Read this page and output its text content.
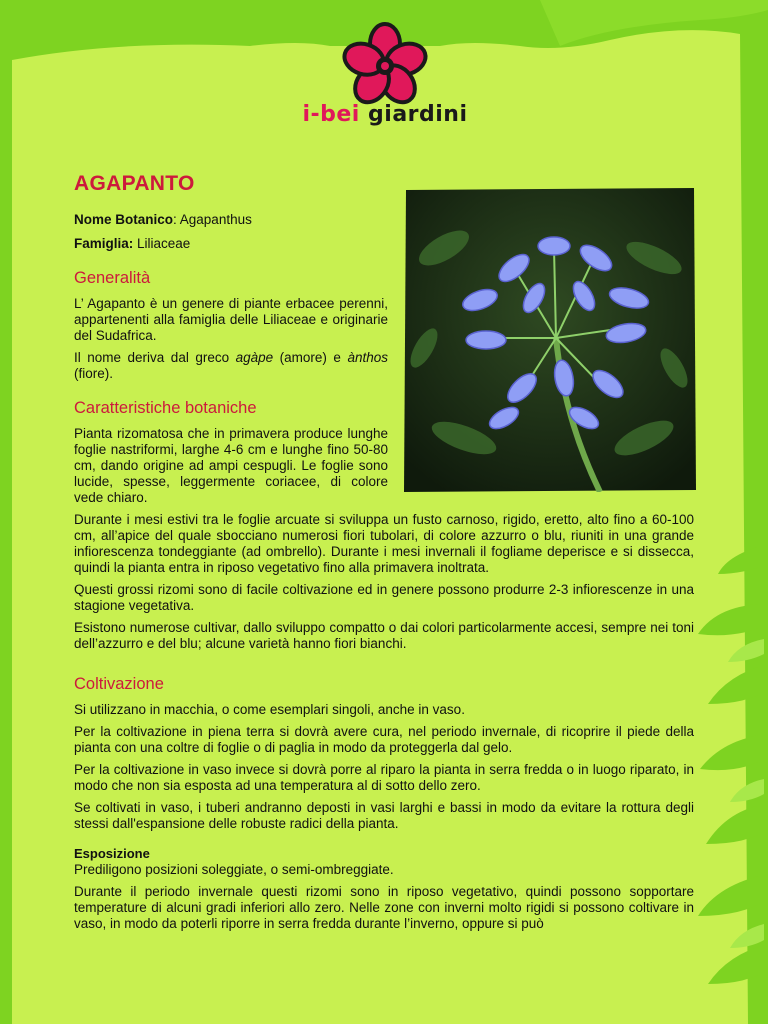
i-bei giardini
AGAPANTO
Nome Botanico: Agapanthus
Famiglia: Liliaceae
Generalità

L’ Agapanto è un genere di piante erbacee perenni, appartenenti alla famiglia delle Liliaceae e originarie del Sudafrica.

Il nome deriva dal greco agàpe (amore) e ànthos (fiore).

Caratteristiche botaniche

Pianta rizomatosa che in primavera produce lunghe foglie nastriformi, larghe 4-6 cm e lunghe fino 50-80 cm, dando origine ad ampi cespugli. Le foglie sono lucide, spesse, leggermente coriacee, di colore vede chiaro.

Durante i mesi estivi tra le foglie arcuate si sviluppa un fusto carnoso, rigido, eretto, alto fino a 60-100 cm, all’apice del quale sbocciano numerosi fiori tubolari, di colore azzurro o blu, riuniti in una grande infiorescenza tondeggiante (ad ombrello). Durante i mesi invernali il fogliame deperisce e si dissecca, quindi la pianta entra in riposo vegetativo fino alla primavera inoltrata.

Questi grossi rizomi sono di facile coltivazione ed in genere possono produrre 2-3 infiorescenze in una stagione vegetativa.

Esistono numerose cultivar, dallo sviluppo compatto o dai colori particolarmente accesi, sempre nei toni dell’azzurro e del blu; alcune varietà hanno fiori bianchi.

Coltivazione

Si utilizzano in macchia, o come esemplari singoli, anche in vaso.

Per la coltivazione in piena terra si dovrà avere cura, nel periodo invernale, di ricoprire il piede della pianta con una coltre di foglie o di paglia in modo da proteggerla dal gelo.

Per la coltivazione in vaso invece si dovrà porre al riparo la pianta in serra fredda o in luogo riparato, in modo che non sia esposta ad una temperatura al di sotto dello zero.

Se coltivati in vaso, i tuberi andranno deposti in vasi larghi e bassi in modo da evitare la rottura degli stessi dall'espansione delle robuste radici della pianta.

Esposizione

Prediligono posizioni soleggiate, o semi-ombreggiate.

Durante il periodo invernale questi rizomi sono in riposo vegetativo, quindi possono sopportare temperature di alcuni gradi inferiori allo zero. Nelle zone con inverni molto rigidi si possono coltivare in vaso, in modo da poterli riporre in serra fredda durante l’inverno, oppure si può
